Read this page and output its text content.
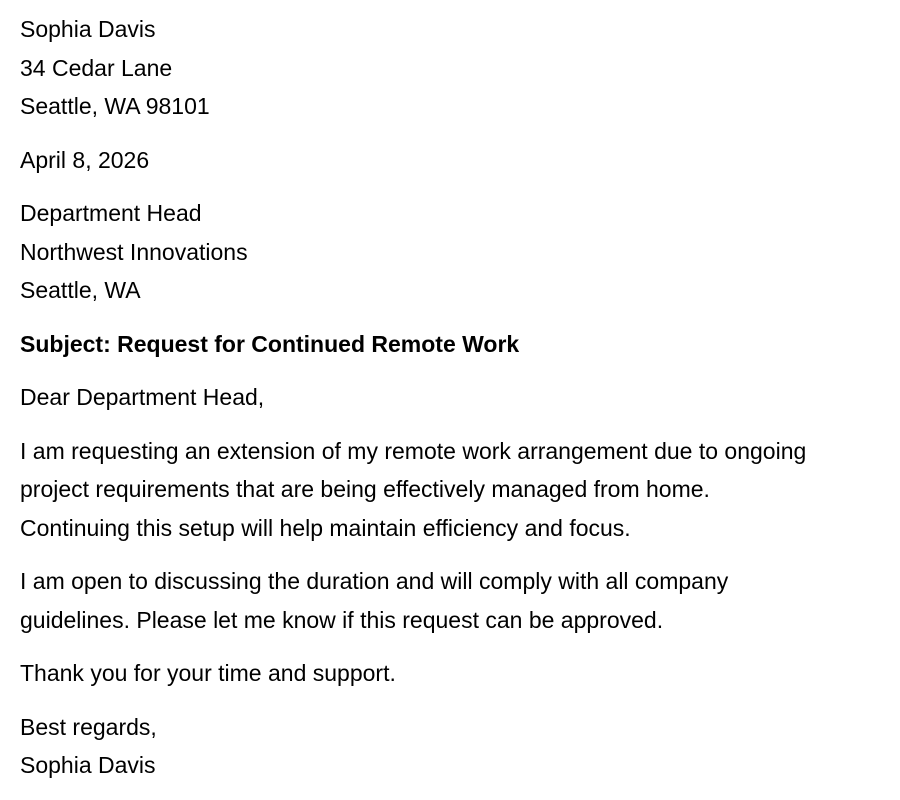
Sophia Davis
34 Cedar Lane
Seattle, WA 98101
April 8, 2026
Department Head
Northwest Innovations
Seattle, WA
Subject: Request for Continued Remote Work
Dear Department Head,
I am requesting an extension of my remote work arrangement due to ongoing
project requirements that are being effectively managed from home.
Continuing this setup will help maintain efficiency and focus.
I am open to discussing the duration and will comply with all company
guidelines. Please let me know if this request can be approved.
Thank you for your time and support.
Best regards,
Sophia Davis
